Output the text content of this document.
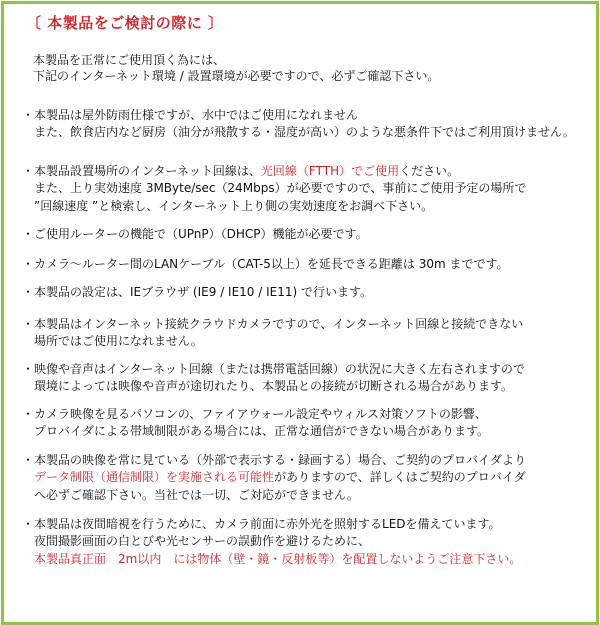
〔 本製品をご検討の際に 〕
本製品を正常にご使用頂く為には、
下記のインターネット環境 / 設置環境が必要ですので、必ずご確認下さい。
・本製品は屋外防雨仕様ですが、水中ではご使用になれません
また、飲食店内など厨房（油分が飛散する・湿度が高い）のような悪条件下ではご利用頂けません。
・本製品設置場所のインターネット回線は、光回線（FTTH）でご使用ください。
また、上り実効速度 3MByte/sec（24Mbps）が必要ですので、事前にご使用予定の場所で
”回線速度 ”と検索し、インターネット上り側の実効速度をお調べ下さい。
・ご使用ルーターの機能で（UPnP）（DHCP）機能が必要です。
・カメラ～ルーター間のLANケーブル（CAT-5以上）を延長できる距離は 30m までです。
・本製品の設定は、IEブラウザ (IE9 / IE10 / IE11) で行います。
・本製品はインターネット接続クラウドカメラですので、インターネット回線と接続できない
場所ではご使用になれません。
・映像や音声はインターネット回線（または携帯電話回線）の状況に大きく左右されますので
環境によっては映像や音声が途切れたり、本製品との接続が切断される場合があります。
・カメラ映像を見るパソコンの、ファイアウォール設定やウィルス対策ソフトの影響、
プロバイダによる帯域制限がある場合には、正常な通信ができない場合があります。
・本製品の映像を常に見ている（外部で表示する・録画する）場合、ご契約のプロバイダより
データ制限（通信制限）を実施される可能性がありますので、詳しくはご契約のプロバイダ
へ必ずご確認下さい。当社では一切、ご対応ができません。
・本製品は夜間暗視を行うために、カメラ前面に赤外光を照射するLEDを備えています。
夜間撮影画面の白とびや光センサーの誤動作を避けるために、
本製品真正面　2m以内　には物体（壁・鏡・反射板等）を配置しないようご注意下さい。
